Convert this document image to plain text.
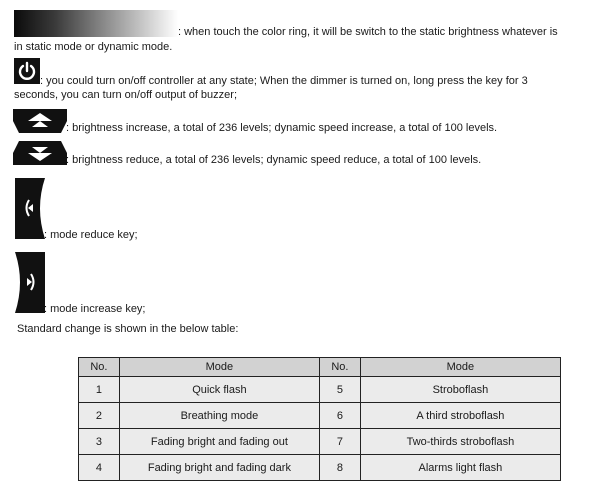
: when touch the color ring, it will be switch to the static brightness whatever is
in static mode or dynamic mode.
: you could turn on/off controller at any state; When the dimmer is turned on, long press the key for 3
seconds, you can turn on/off output of buzzer;
: brightness increase, a total of 236 levels; dynamic speed increase, a total of 100 levels.
: brightness reduce, a total of 236 levels; dynamic speed reduce, a total of 100 levels.
: mode reduce key;
: mode increase key;
Standard change is shown in the below table:
No.	Mode	No.	Mode
1	Quick flash	5	Stroboflash
2	Breathing mode	6	A third stroboflash
3	Fading bright and fading out	7	Two-thirds stroboflash
4	Fading bright and fading dark	8	Alarms light flash
